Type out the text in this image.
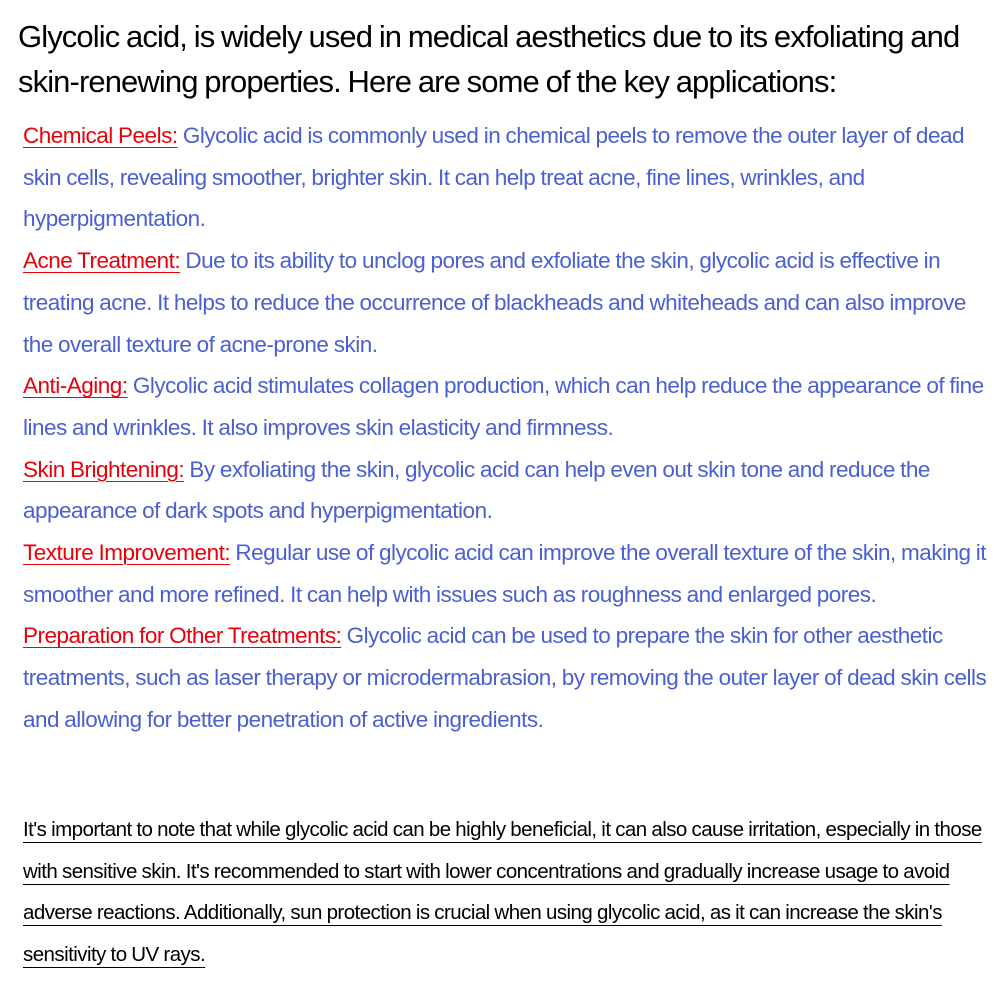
Glycolic acid, is widely used in medical aesthetics due to its exfoliating and skin-renewing properties. Here are some of the key applications:

Chemical Peels: Glycolic acid is commonly used in chemical peels to remove the outer layer of dead skin cells, revealing smoother, brighter skin. It can help treat acne, fine lines, wrinkles, and hyperpigmentation.

Acne Treatment: Due to its ability to unclog pores and exfoliate the skin, glycolic acid is effective in treating acne. It helps to reduce the occurrence of blackheads and whiteheads and can also improve the overall texture of acne-prone skin.

Anti-Aging: Glycolic acid stimulates collagen production, which can help reduce the appearance of fine lines and wrinkles. It also improves skin elasticity and firmness.

Skin Brightening: By exfoliating the skin, glycolic acid can help even out skin tone and reduce the appearance of dark spots and hyperpigmentation.

Texture Improvement: Regular use of glycolic acid can improve the overall texture of the skin, making it smoother and more refined. It can help with issues such as roughness and enlarged pores.

Preparation for Other Treatments: Glycolic acid can be used to prepare the skin for other aesthetic treatments, such as laser therapy or microdermabrasion, by removing the outer layer of dead skin cells and allowing for better penetration of active ingredients.

It's important to note that while glycolic acid can be highly beneficial, it can also cause irritation, especially in those with sensitive skin. It's recommended to start with lower concentrations and gradually increase usage to avoid adverse reactions. Additionally, sun protection is crucial when using glycolic acid, as it can increase the skin's sensitivity to UV rays.
